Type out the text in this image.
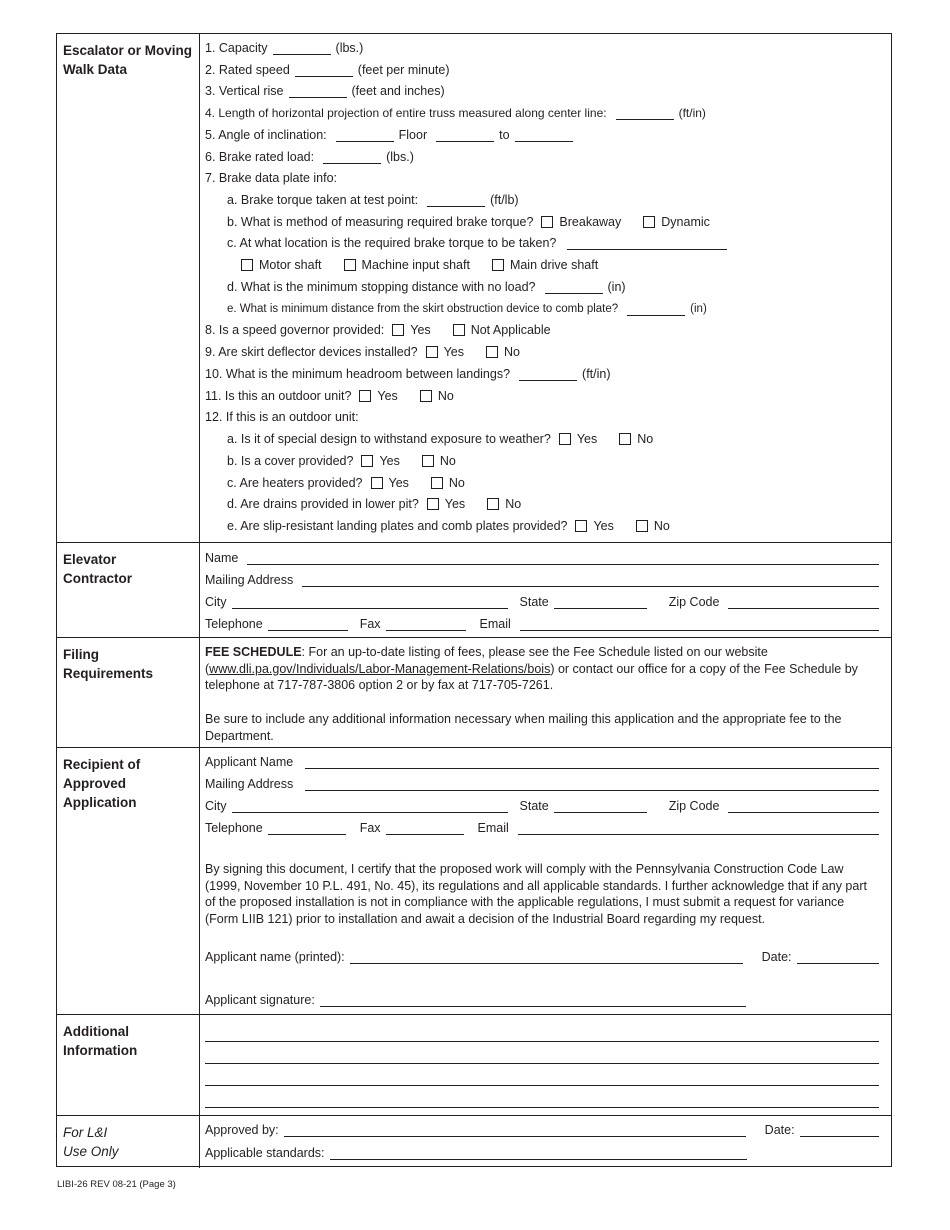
Escalator or Moving
Walk Data
1. Capacity	(lbs.)
2. Rated speed	(feet per minute)
3. Vertical rise	(feet and inches)
4. Length of horizontal projection of entire truss measured along center line:	(ft/in)
5. Angle of inclination:	Floor	to
6. Brake rated load:	(lbs.)
7. Brake data plate info:
a. Brake torque taken at test point:	(ft/lb)
b. What is method of measuring required brake torque? Breakaway	Dynamic
c. At what location is the required brake torque to be taken?
Motor shaft	Machine input shaft	Main drive shaft
d. What is the minimum stopping distance with no load?	(in)
e. What is minimum distance from the skirt obstruction device to comb plate?	(in)
8. Is a speed governor provided: Yes	Not Applicable
9. Are skirt deflector devices installed? Yes	No
10. What is the minimum headroom between landings?	(ft/in)
11. Is this an outdoor unit? Yes	No
12. If this is an outdoor unit:
a. Is it of special design to withstand exposure to weather? Yes	No
b. Is a cover provided? Yes	No
c. Are heaters provided? Yes	No
d. Are drains provided in lower pit? Yes	No
e. Are slip-resistant landing plates and comb plates provided? Yes	No
Elevator
Contractor
Name
Mailing Address
City	State	Zip Code
Telephone	Fax	Email
Filing
Requirements
FEE SCHEDULE: For an up-to-date listing of fees, please see the Fee Schedule listed on our website
(www.dli.pa.gov/Individuals/Labor-Management-Relations/bois) or contact our office for a copy of the Fee Schedule by telephone at 717-787-3806 option 2 or by fax at 717-705-7261.
Be sure to include any additional information necessary when mailing this application and the appropriate fee to the Department.
Recipient of
Approved
Application
Applicant Name
Mailing Address
City	State	Zip Code
Telephone	Fax	Email
By signing this document, I certify that the proposed work will comply with the Pennsylvania Construction Code Law (1999, November 10 P.L. 491, No. 45), its regulations and all applicable standards. I further acknowledge that if any part of the proposed installation is not in compliance with the applicable regulations, I must submit a request for variance (Form LIIB 121) prior to installation and await a decision of the Industrial Board regarding my request.
Applicant name (printed):	Date:
Applicant signature:
Additional
Information
For L&I
Use Only
Approved by:	Date:
Applicable standards:
LIBI-26 REV 08-21 (Page 3)
